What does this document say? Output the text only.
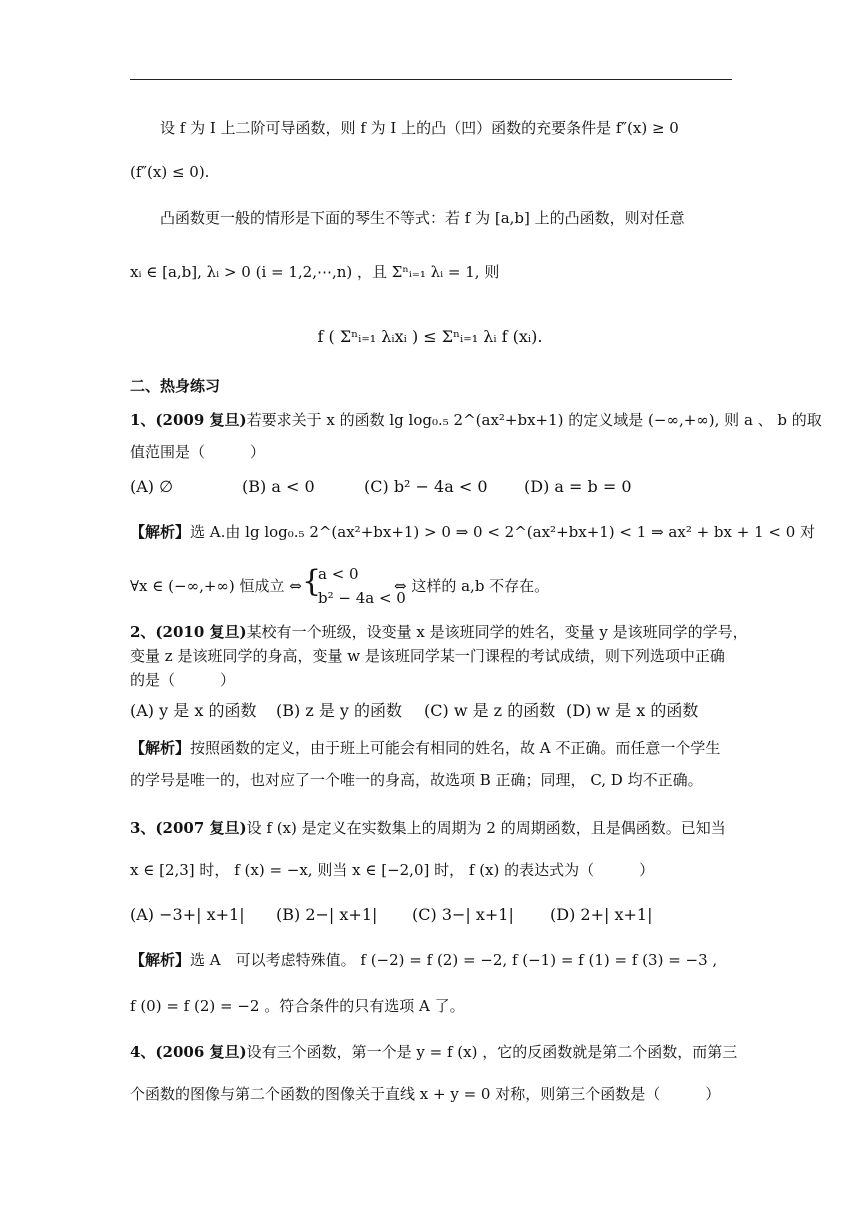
设 f 为 I 上二阶可导函数，则 f 为 I 上的凸（凹）函数的充要条件是 f″(x) ≥ 0
(f″(x) ≤ 0).
凸函数更一般的情形是下面的琴生不等式：若 f 为 [a,b] 上的凸函数，则对任意
xᵢ ∈ [a,b], λᵢ > 0 (i = 1,2,⋯,n) ，且 Σⁿᵢ₌₁ λᵢ = 1, 则
f ( Σⁿᵢ₌₁ λᵢxᵢ ) ≤ Σⁿᵢ₌₁ λᵢ f (xᵢ).
二、热身练习
1、(2009 复旦)若要求关于 x 的函数 lg log₀.₅ 2^(ax²+bx+1) 的定义域是 (−∞,+∞), 则 a 、 b 的取
值范围是（　　　）
(A) ∅	(B) a < 0	(C) b² − 4a < 0 (D) a = b = 0
【解析】选 A.由 lg log₀.₅ 2^(ax²+bx+1) > 0 ⇒ 0 < 2^(ax²+bx+1) < 1 ⇒ ax² + bx + 1 < 0 对
∀x ∈ (−∞,+∞) 恒成立 ⇔ {
a < 0
b² − 4a < 0
⇔ 这样的 a,b 不存在。
2、(2010 复旦)某校有一个班级，设变量 x 是该班同学的姓名，变量 y 是该班同学的学号，
变量 z 是该班同学的身高，变量 w 是该班同学某一门课程的考试成绩，则下列选项中正确
的是（　　　）
(A) y 是 x 的函数 (B) z 是 y 的函数 (C) w 是 z 的函数 (D) w 是 x 的函数
【解析】按照函数的定义，由于班上可能会有相同的姓名，故 A 不正确。而任意一个学生
的学号是唯一的，也对应了一个唯一的身高，故选项 B 正确；同理， C, D 均不正确。
3、(2007 复旦)设 f (x) 是定义在实数集上的周期为 2 的周期函数，且是偶函数。已知当
x ∈ [2,3] 时， f (x) = −x, 则当 x ∈ [−2,0] 时， f (x) 的表达式为（　　　）
(A) −3+| x+1| (B) 2−| x+1| (C) 3−| x+1| (D) 2+| x+1|
【解析】选 A　可以考虑特殊值。 f (−2) = f (2) = −2, f (−1) = f (1) = f (3) = −3 ,
f (0) = f (2) = −2 。符合条件的只有选项 A 了。
4、(2006 复旦)设有三个函数，第一个是 y = f (x) ，它的反函数就是第二个函数，而第三
个函数的图像与第二个函数的图像关于直线 x + y = 0 对称，则第三个函数是（　　　）
